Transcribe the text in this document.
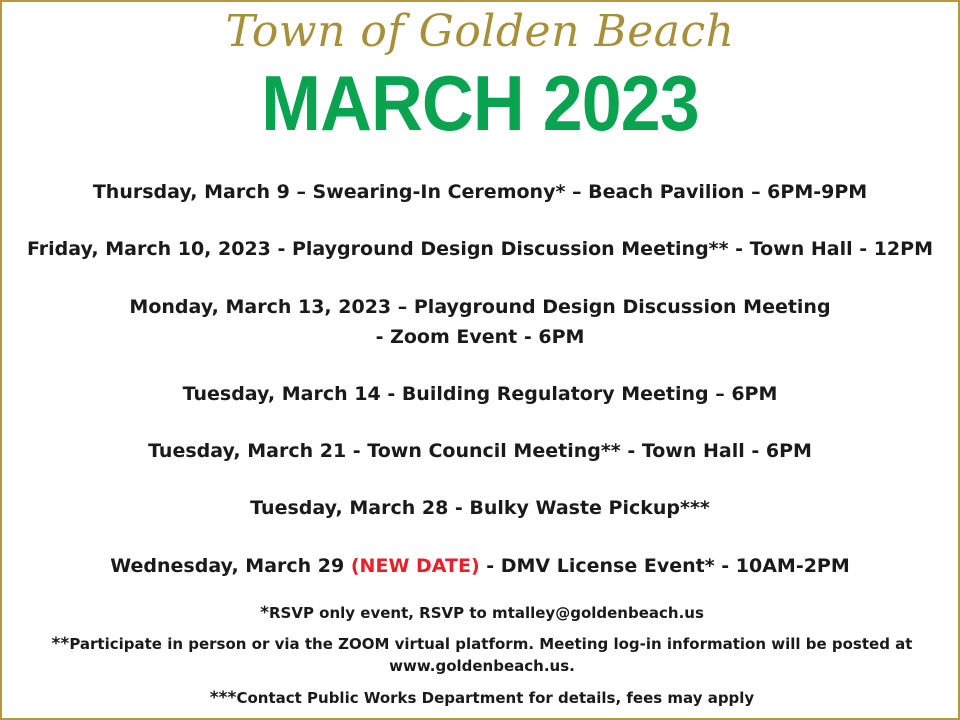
Town of Golden Beach
MARCH 2023
Thursday, March 9 – Swearing-In Ceremony* – Beach Pavilion – 6PM-9PM
Friday, March 10, 2023 - Playground Design Discussion Meeting** - Town Hall - 12PM
Monday, March 13, 2023 – Playground Design Discussion Meeting
- Zoom Event - 6PM
Tuesday, March 14 - Building Regulatory Meeting – 6PM
Tuesday, March 21 - Town Council Meeting** - Town Hall - 6PM
Tuesday, March 28 - Bulky Waste Pickup***
Wednesday, March 29 (NEW DATE) - DMV License Event* - 10AM-2PM
*RSVP only event, RSVP to mtalley@goldenbeach.us
**Participate in person or via the ZOOM virtual platform. Meeting log-in information will be posted at www.goldenbeach.us.
***Contact Public Works Department for details, fees may apply
